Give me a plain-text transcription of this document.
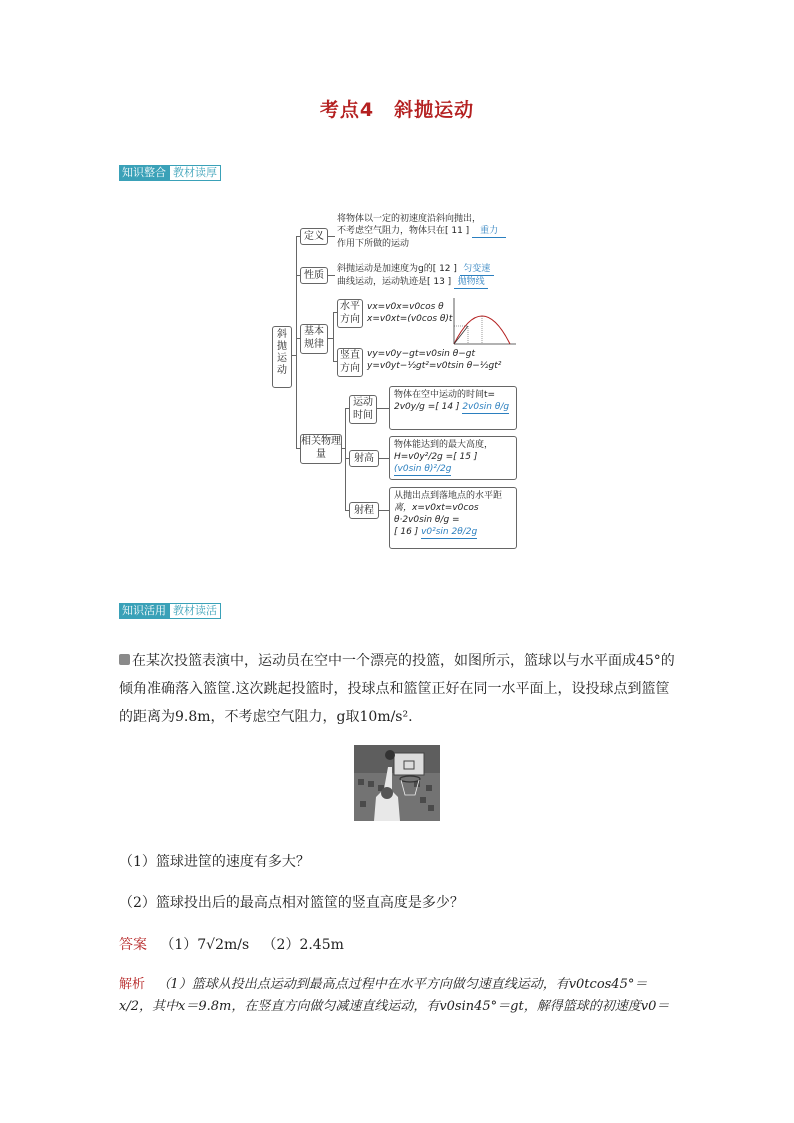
考点4　斜抛运动
知识整合 教材读厚
斜抛运动
定义
将物体以一定的初速度沿斜向抛出，
不考虑空气阻力，物体只在[ 11 ] 重力
作用下所做的运动
性质
斜抛运动是加速度为g的[ 12 ] 匀变速
曲线运动，运动轨迹是[ 13 ] 抛物线
基本规律
水平方向
vx=v0x=v0cos θ
x=v0xt=(v0cos θ)t
竖直方向
vy=v0y−gt=v0sin θ−gt
y=v0yt−½gt²=v0tsin θ−½gt²
相关物理量
运动时间
物体在空中运动的时间t=
2v0y/g =[ 14 ] 2v0sin θ/g
射高
物体能达到的最大高度，
H=v0y²/2g =[ 15 ] (v0sin θ)²/2g
射程
从抛出点到落地点的水平距
离，x=v0xt=v0cos θ·2v0sin θ/g =
[ 16 ] v0²sin 2θ/2g
知识活用 教材读活
在某次投篮表演中，运动员在空中一个漂亮的投篮，如图所示，篮球以与水平面成45°的
倾角准确落入篮筐.这次跳起投篮时，投球点和篮筐正好在同一水平面上，设投球点到篮筐
的距离为9.8m，不考虑空气阻力，g取10m/s².
（1）篮球进筐的速度有多大？
（2）篮球投出后的最高点相对篮筐的竖直高度是多少？
答案 （1）7√2m/s （2）2.45m
解析 （1）篮球从投出点运动到最高点过程中在水平方向做匀速直线运动，有v0tcos45°＝
x/2，其中x＝9.8m，在竖直方向做匀减速直线运动，有v0sin45°＝gt，解得篮球的初速度v0＝
